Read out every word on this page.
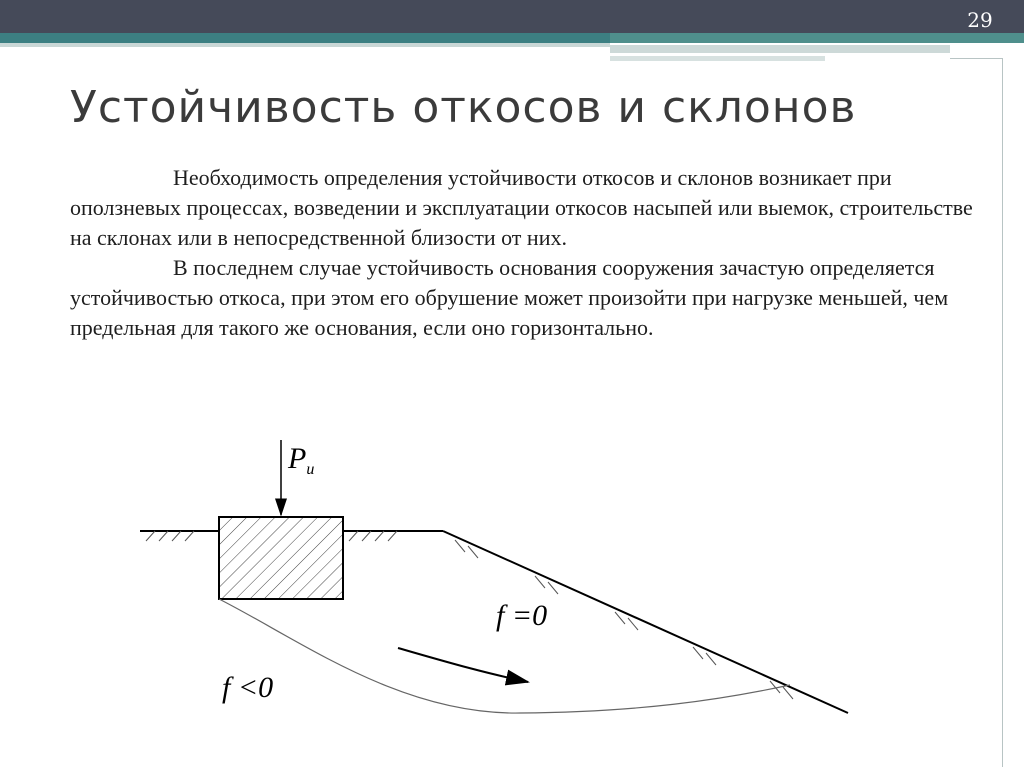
29
Устойчивость откосов и склонов

Необходимость определения устойчивости откосов и склонов возникает при оползневых процессах, возведении и эксплуатации откосов насыпей или выемок, строительстве на склонах или в непосредственной близости от них.

В последнем случае устойчивость основания сооружения зачастую определяется устойчивостью откоса, при этом его обрушение может произойти при нагрузке меньшей, чем предельная для такого же основания, если оно горизонтально.

$P_u$
f =0
f <0
